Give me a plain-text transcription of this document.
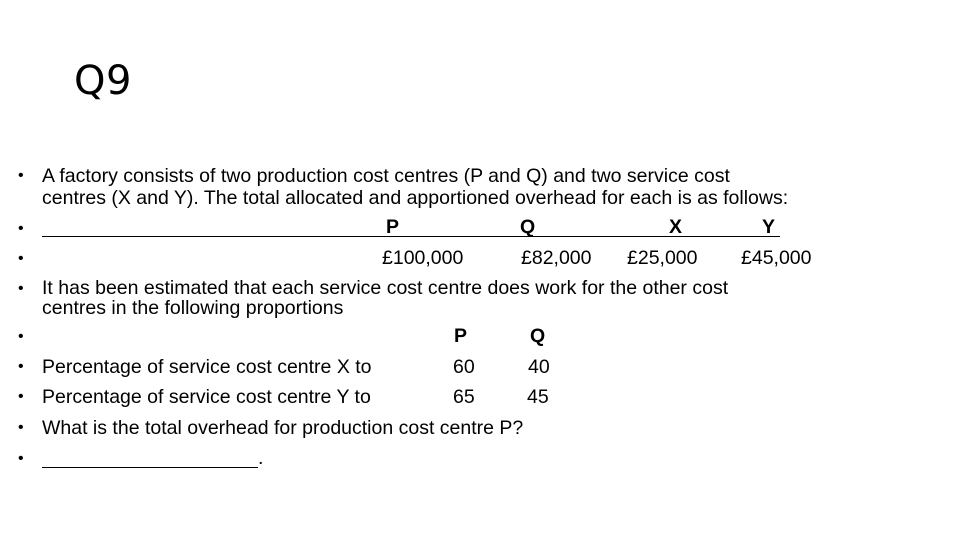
Q9
• A factory consists of two production cost centres (P and Q) and two service cost
centres (X and Y). The total allocated and apportioned overhead for each is as follows:
•	P	Q	X	Y
•	£100,000	£82,000 £25,000 £45,000
• It has been estimated that each service cost centre does work for the other cost
centres in the following proportions
•	P	Q
• Percentage of service cost centre X to	60	40
• Percentage of service cost centre Y to	65	45
• What is the total overhead for production cost centre P?
•	.
